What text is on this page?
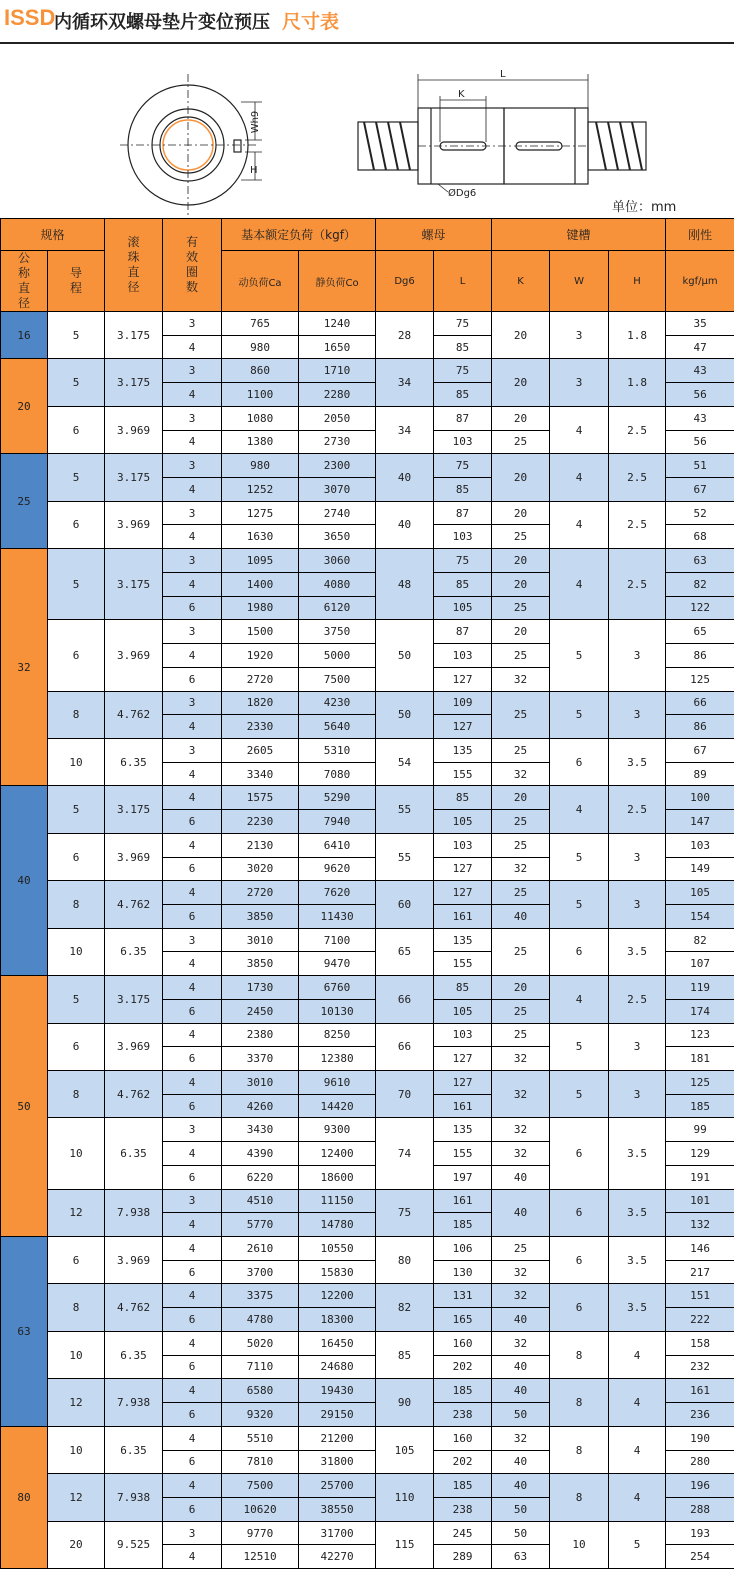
ISSD
内循环双螺母垫片变位预压 尺寸表
Wh9
H
L
K
ØDg6
单位：mm
规格		滚珠直径	有效圈数	基本额定负荷（kgf）		螺母		键槽			刚性
公称直径	导程			动负荷Ca	静负荷Co	Dg6	L	K	W	H	kgf/μm
16	5	3.175	3	765	1240	28	75	20	3	1.8	35
			4	980	1650		85				47
20	5	3.175	3	860	1710	34	75	20	3	1.8	43
			4	1100	2280		85				56
	6	3.969	3	1080	2050	34	87	20	4	2.5	43
			4	1380	2730		103	25			56
25	5	3.175	3	980	2300	40	75	20	4	2.5	51
			4	1252	3070		85				67
	6	3.969	3	1275	2740	40	87	20	4	2.5	52
			4	1630	3650		103	25			68
32	5	3.175	3	1095	3060	48	75	20	4	2.5	63
			4	1400	4080		85	20			82
			6	1980	6120		105	25			122
	6	3.969	3	1500	3750	50	87	20	5	3	65
			4	1920	5000		103	25			86
			6	2720	7500		127	32			125
	8	4.762	3	1820	4230	50	109	25	5	3	66
			4	2330	5640		127				86
	10	6.35	3	2605	5310	54	135	25	6	3.5	67
			4	3340	7080		155	32			89
40	5	3.175	4	1575	5290	55	85	20	4	2.5	100
			6	2230	7940		105	25			147
	6	3.969	4	2130	6410	55	103	25	5	3	103
			6	3020	9620		127	32			149
	8	4.762	4	2720	7620	60	127	25	5	3	105
			6	3850	11430		161	40			154
	10	6.35	3	3010	7100	65	135	25	6	3.5	82
			4	3850	9470		155				107
50	5	3.175	4	1730	6760	66	85	20	4	2.5	119
			6	2450	10130		105	25			174
	6	3.969	4	2380	8250	66	103	25	5	3	123
			6	3370	12380		127	32			181
	8	4.762	4	3010	9610	70	127	32	5	3	125
			6	4260	14420		161				185
	10	6.35	3	3430	9300	74	135	32	6	3.5	99
			4	4390	12400		155	32			129
			6	6220	18600		197	40			191
	12	7.938	3	4510	11150	75	161	40	6	3.5	101
			4	5770	14780		185				132
63	6	3.969	4	2610	10550	80	106	25	6	3.5	146
			6	3700	15830		130	32			217
	8	4.762	4	3375	12200	82	131	32	6	3.5	151
			6	4780	18300		165	40			222
	10	6.35	4	5020	16450	85	160	32	8	4	158
			6	7110	24680		202	40			232
	12	7.938	4	6580	19430	90	185	40	8	4	161
			6	9320	29150		238	50			236
80	10	6.35	4	5510	21200	105	160	32	8	4	190
			6	7810	31800		202	40			280
	12	7.938	4	7500	25700	110	185	40	8	4	196
			6	10620	38550		238	50			288
	20	9.525	3	9770	31700	115	245	50	10	5	193
			4	12510	42270		289	63			254
